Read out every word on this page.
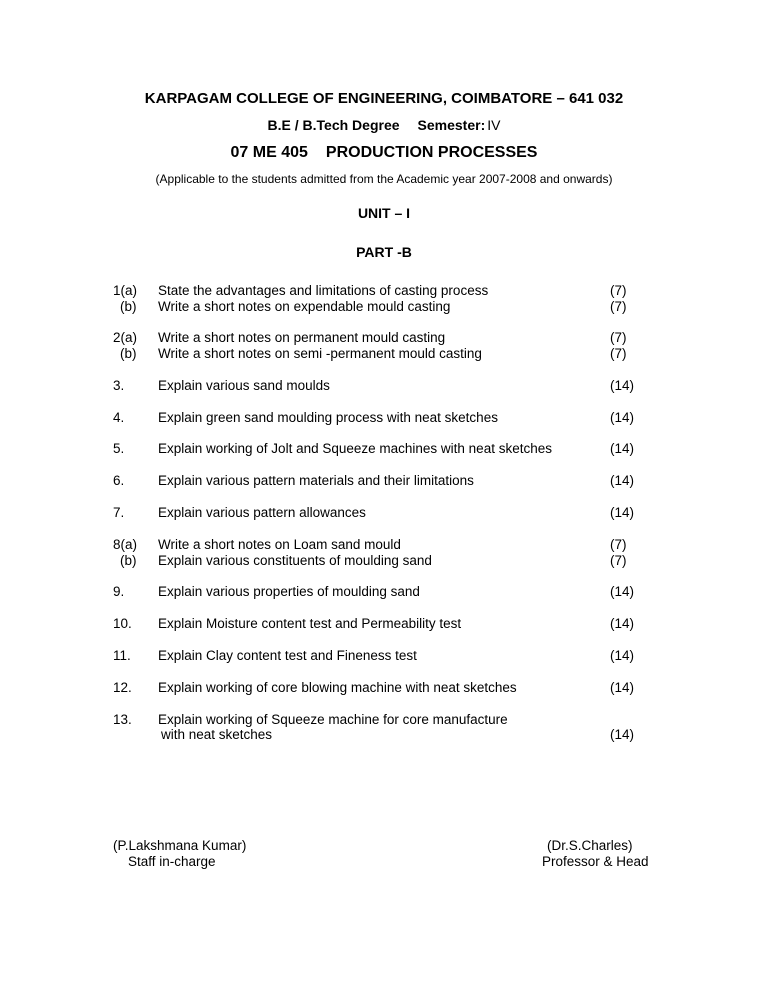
KARPAGAM COLLEGE OF ENGINEERING, COIMBATORE – 641 032
B.E / B.Tech Degree Semester: IV
07 ME 405 PRODUCTION PROCESSES
(Applicable to the students admitted from the Academic year 2007-2008 and onwards)
UNIT – I
PART -B
1(a) State the advantages and limitations of casting process	(7)
(b) Write a short notes on expendable mould casting	(7)
2(a) Write a short notes on permanent mould casting	(7)
(b) Write a short notes on semi -permanent mould casting	(7)
3. Explain various sand moulds	(14)
4. Explain green sand moulding process with neat sketches	(14)
5. Explain working of Jolt and Squeeze machines with neat sketches	(14)
6. Explain various pattern materials and their limitations	(14)
7. Explain various pattern allowances	(14)
8(a) Write a short notes on Loam sand mould	(7)
(b) Explain various constituents of moulding sand	(7)
9. Explain various properties of moulding sand	(14)
10. Explain Moisture content test and Permeability test	(14)
11. Explain Clay content test and Fineness test	(14)
12. Explain working of core blowing machine with neat sketches	(14)
13. Explain working of Squeeze machine for core manufacture
with neat sketches	(14)
(P.Lakshmana Kumar)
Staff in-charge
(Dr.S.Charles)
Professor & Head
